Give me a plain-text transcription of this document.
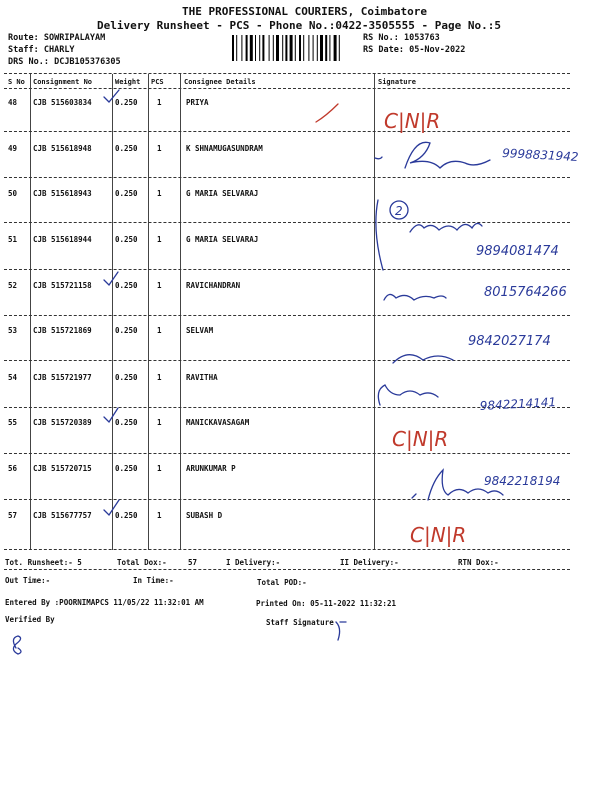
THE PROFESSIONAL COURIERS, Coimbatore
Delivery Runsheet - PCS - Phone No.:0422-3505555 - Page No.:5
Route: SOWRIPALAYAM
Staff: CHARLY
DRS No.: DCJB105376305
RS No.: 1053763
RS Date: 05-Nov-2022
S No Consignment No	Weight PCS	Consignee Details	Signature
48 CJB 515603834	0.250	1	PRIYA
49 CJB 515618948	0.250	1	K SHNAMUGASUNDRAM
50 CJB 515618943	0.250	1	G MARIA SELVARAJ
51 CJB 515618944	0.250	1	G MARIA SELVARAJ
52 CJB 515721158	0.250	1	RAVICHANDRAN
53 CJB 515721869	0.250	1	SELVAM
54 CJB 515721977	0.250	1	RAVITHA
55 CJB 515720389	0.250	1	MANICKAVASAGAM
56 CJB 515720715	0.250	1	ARUNKUMAR P
57 CJB 515677757	0.250	1	SUBASH D
Tot. Runsheet:- 5	Total Dox:-	57	I Delivery:-	II Delivery:-	RTN Dox:-
Out Time:-	In Time:-	Total POD:-
Entered By :POORNIMAPCS 11/05/22 11:32:01 AM	Printed On: 05-11-2022 11:32:21
Verified By	Staff Signature
C|N|R
9998831942
2
9894081474
8015764266
9842027174
9842214141
C|N|R
9842218194
C|N|R
